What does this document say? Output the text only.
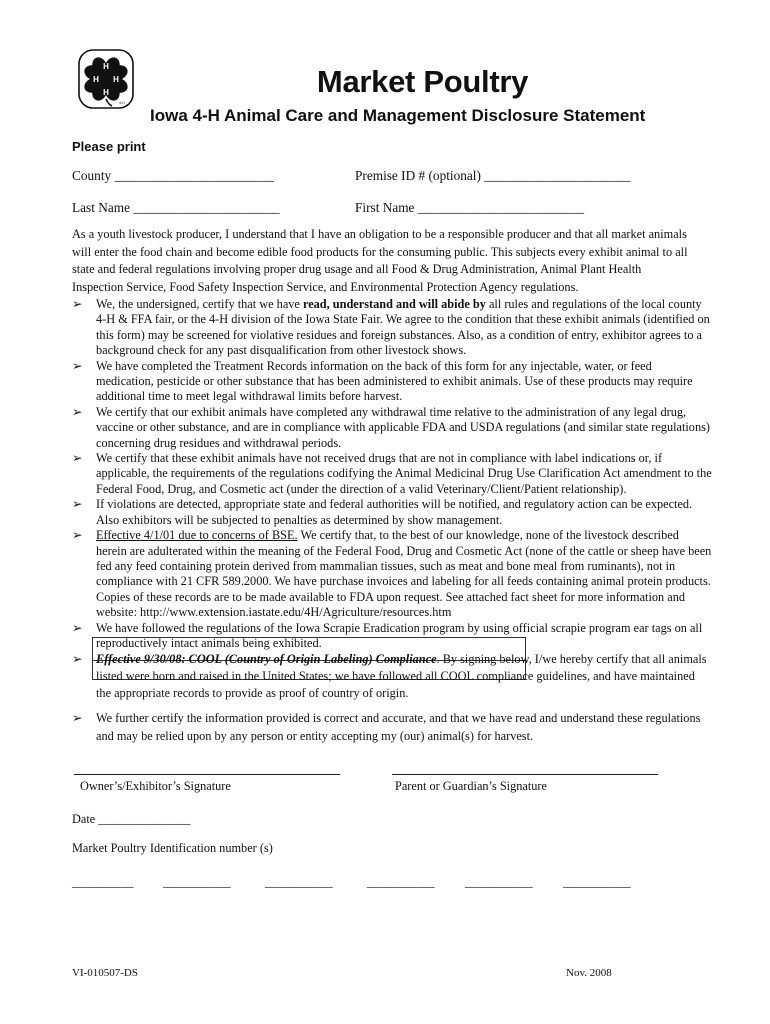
H
H H
H
4-H
Market Poultry
Iowa 4-H Animal Care and Management Disclosure Statement
Please print
County ________________________	Premise ID # (optional) ______________________
Last Name ______________________	First Name _________________________
As a youth livestock producer, I understand that I have an obligation to be a responsible producer and that all market animals will enter the food chain and become edible food products for the consuming public. This subjects every exhibit animal to all state and federal regulations involving proper drug usage and all Food & Drug Administration, Animal Plant Health Inspection Service, Food Safety Inspection Service, and Environmental Protection Agency regulations.
➢ We, the undersigned, certify that we have read, understand and will abide by all rules and regulations of the local county 4-H & FFA fair, or the 4-H division of the Iowa State Fair. We agree to the condition that these exhibit animals (identified on this form) may be screened for violative residues and foreign substances. Also, as a condition of entry, exhibitor agrees to a background check for any past disqualification from other livestock shows.
➢ We have completed the Treatment Records information on the back of this form for any injectable, water, or feed medication, pesticide or other substance that has been administered to exhibit animals. Use of these products may require additional time to meet legal withdrawal limits before harvest.
➢ We certify that our exhibit animals have completed any withdrawal time relative to the administration of any legal drug, vaccine or other substance, and are in compliance with applicable FDA and USDA regulations (and similar state regulations) concerning drug residues and withdrawal periods.
➢ We certify that these exhibit animals have not received drugs that are not in compliance with label indications or, if applicable, the requirements of the regulations codifying the Animal Medicinal Drug Use Clarification Act amendment to the Federal Food, Drug, and Cosmetic act (under the direction of a valid Veterinary/Client/Patient relationship).
➢ If violations are detected, appropriate state and federal authorities will be notified, and regulatory action can be expected. Also exhibitors will be subjected to penalties as determined by show management.
➢ Effective 4/1/01 due to concerns of BSE. We certify that, to the best of our knowledge, none of the livestock described herein are adulterated within the meaning of the Federal Food, Drug and Cosmetic Act (none of the cattle or sheep have been fed any feed containing protein derived from mammalian tissues, such as meat and bone meal from ruminants), not in compliance with 21 CFR 589.2000. We have purchase invoices and labeling for all feeds containing animal protein products. Copies of these records are to be made available to FDA upon request. See attached fact sheet for more information and website: http://www.extension.iastate.edu/4H/Agriculture/resources.htm
➢ We have followed the regulations of the Iowa Scrapie Eradication program by using official scrapie program ear tags on all reproductively intact animals being exhibited.
➢ Effective 9/30/08: COOL (Country of Origin Labeling) Compliance. By signing below, I/we hereby certify that all animals listed were born and raised in the United States; we have followed all COOL compliance guidelines, and have maintained the appropriate records to provide as proof of country of origin.
➢ We further certify the information provided is correct and accurate, and that we have read and understand these regulations and may be relied upon by any person or entity accepting my (our) animal(s) for harvest.
Owner’s/Exhibitor’s Signature	Parent or Guardian’s Signature
Date _______________
Market Poultry Identification number (s)
__________ ___________	___________	___________ ___________ ___________
VI-010507-DS	Nov. 2008
